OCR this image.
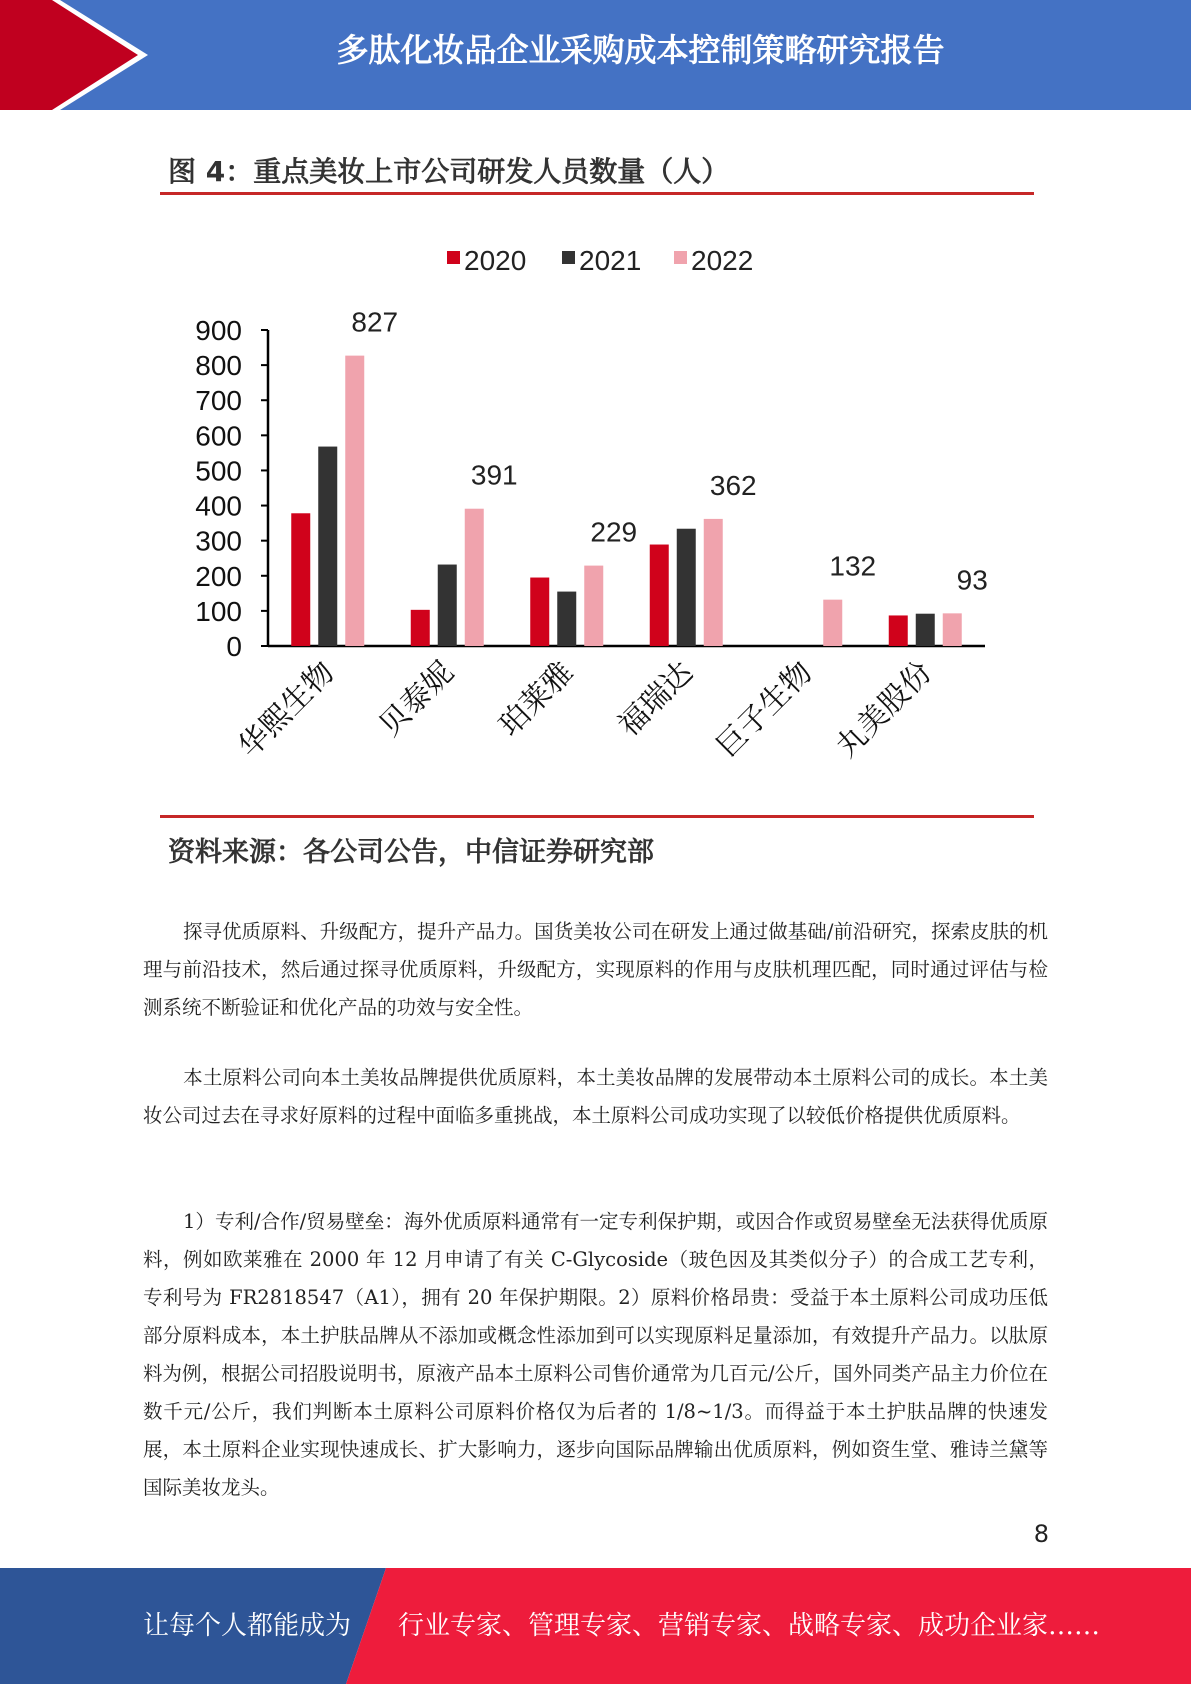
多肽化妆品企业采购成本控制策略研究报告
图 4：重点美妆上市公司研发人员数量（人）
2020 2021 2022
0
100
200
300
400
500
600
700
800
900	827
华熙生物
391
贝泰妮
229
珀莱雅
362
福瑞达
132
巨子生物
93
丸美股份
资料来源：各公司公告，中信证券研究部

探寻优质原料、升级配方，提升产品力。国货美妆公司在研发上通过做基础/前沿研究，探索皮肤的机理与前沿技术，然后通过探寻优质原料，升级配方，实现原料的作用与皮肤机理匹配，同时通过评估与检测系统不断验证和优化产品的功效与安全性。

本土原料公司向本土美妆品牌提供优质原料，本土美妆品牌的发展带动本土原料公司的成长。本土美妆公司过去在寻求好原料的过程中面临多重挑战，本土原料公司成功实现了以较低价格提供优质原料。

1）专利/合作/贸易壁垒：海外优质原料通常有一定专利保护期，或因合作或贸易壁垒无法获得优质原料，例如欧莱雅在 2000 年 12 月申请了有关 C-Glycoside（玻色因及其类似分子）的合成工艺专利，专利号为 FR2818547（A1），拥有 20 年保护期限。2）原料价格昂贵：受益于本土原料公司成功压低部分原料成本，本土护肤品牌从不添加或概念性添加到可以实现原料足量添加，有效提升产品力。以肽原料为例，根据公司招股说明书，原液产品本土原料公司售价通常为几百元/公斤，国外同类产品主力价位在数千元/公斤，我们判断本土原料公司原料价格仅为后者的 1/8~1/3。而得益于本土护肤品牌的快速发展，本土原料企业实现快速成长、扩大影响力，逐步向国际品牌输出优质原料，例如资生堂、雅诗兰黛等国际美妆龙头。

8
让每个人都能成为 行业专家、管理专家、营销专家、战略专家、成功企业家……
